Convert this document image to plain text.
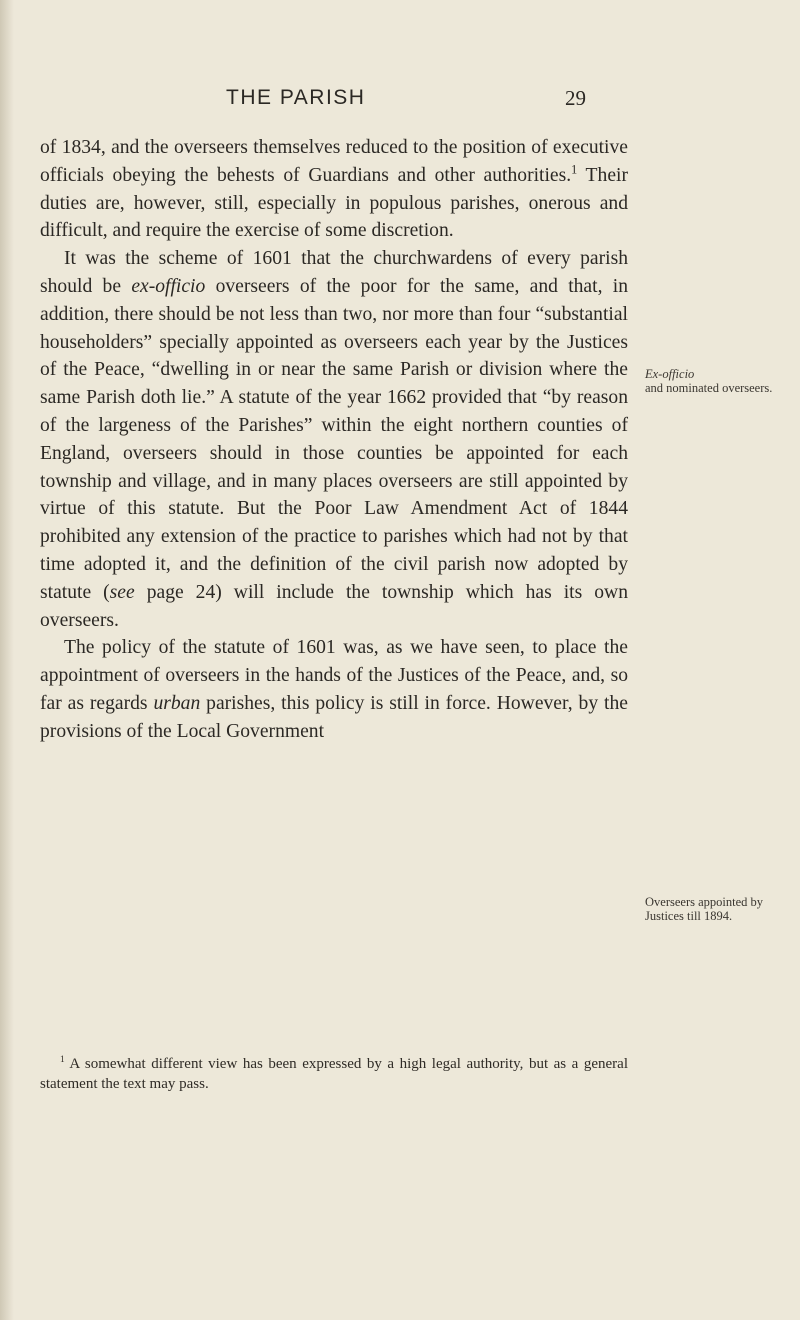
THE PARISH	29

of 1834, and the overseers themselves reduced to the position of executive officials obeying the behests of Guardians and other authorities.$^1$ Their duties are, however, still, especially in populous parishes, onerous and difficult, and require the exercise of some discretion.

It was the scheme of 1601 that the churchwardens of every parish should be ex-officio overseers of the poor for the same, and that, in addition, there should be not less than two, nor more than four “substantial householders” specially appointed as overseers each year by the Justices of the Peace, “dwelling in or near the same Parish or division where the same Parish doth lie.” A statute of the year 1662 provided that “by reason of the largeness of the Parishes” within the eight northern counties of England, overseers should in those counties be appointed for each township and village, and in many places overseers are still appointed by virtue of this statute. But the Poor Law Amendment Act of 1844 prohibited any extension of the practice to parishes which had not by that time adopted it, and the definition of the civil parish now adopted by statute (see page 24) will include the township which has its own overseers.

The policy of the statute of 1601 was, as we have seen, to place the appointment of overseers in the hands of the Justices of the Peace, and, so far as regards urban parishes, this policy is still in force. However, by the provisions of the Local Government

Ex-officio
and nominated overseers.
Overseers appointed by Justices till 1894.
$^1$ A somewhat different view has been expressed by a high legal authority, but as a general statement the text may pass.
